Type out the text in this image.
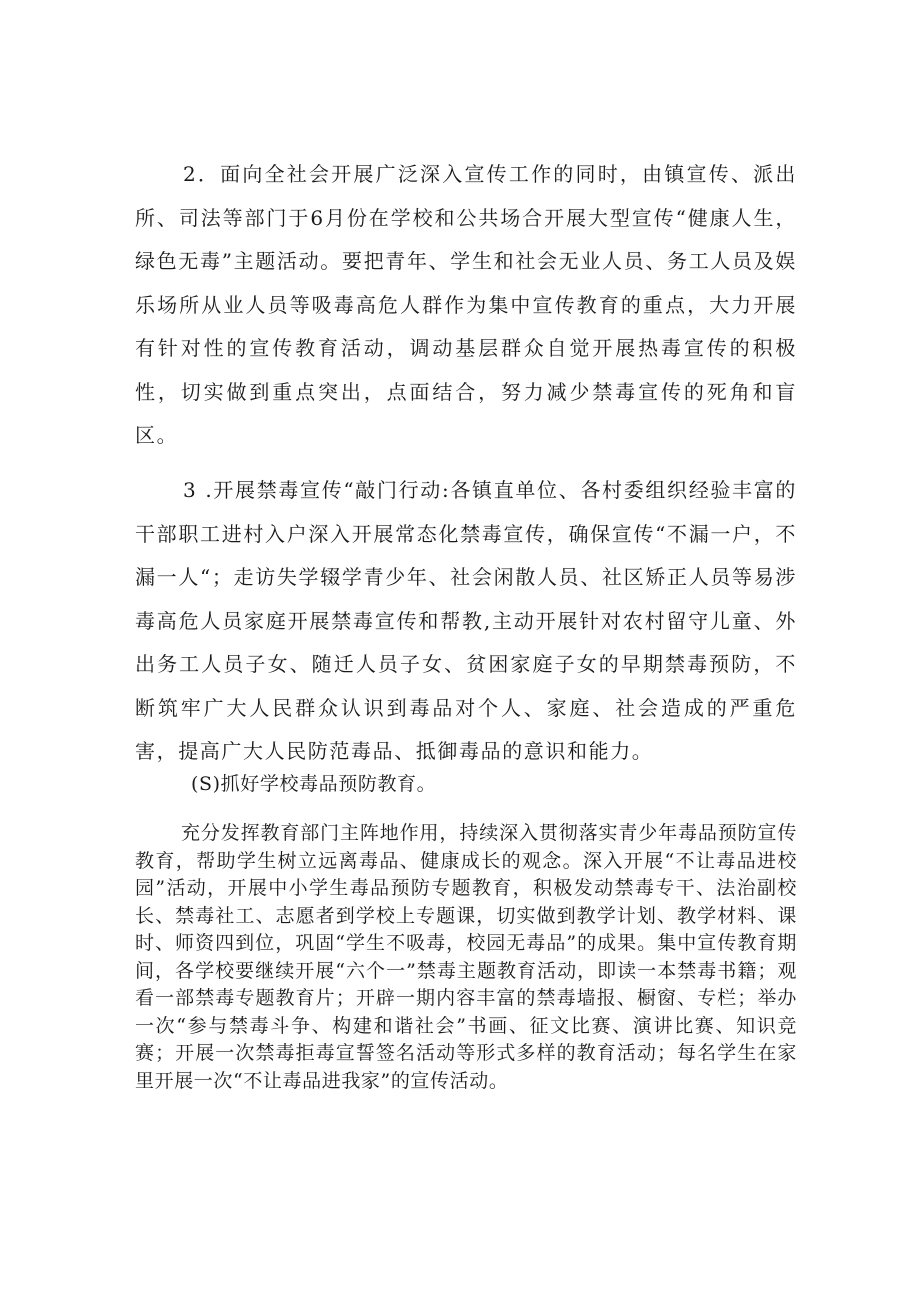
2．面向全社会开展广泛深入宣传工作的同时，由镇宣传、派出所、司法等部门于6月份在学校和公共场合开展大型宣传“健康人生，绿色无毒”主题活动。要把青年、学生和社会无业人员、务工人员及娱乐场所从业人员等吸毒高危人群作为集中宣传教育的重点，大力开展有针对性的宣传教育活动，调动基层群众自觉开展热毒宣传的积极性，切实做到重点突出，点面结合，努力减少禁毒宣传的死角和盲区。

3 .开展禁毒宣传“敲门行动:各镇直单位、各村委组织经验丰富的干部职工进村入户深入开展常态化禁毒宣传，确保宣传“不漏一户，不漏一人“；走访失学辍学青少年、社会闲散人员、社区矫正人员等易涉毒高危人员家庭开展禁毒宣传和帮教,主动开展针对农村留守儿童、外出务工人员子女、随迁人员子女、贫困家庭子女的早期禁毒预防，不断筑牢广大人民群众认识到毒品对个人、家庭、社会造成的严重危害，提高广大人民防范毒品、抵御毒品的意识和能力。

(S)抓好学校毒品预防教育。

充分发挥教育部门主阵地作用，持续深入贯彻落实青少年毒品预防宣传教育，帮助学生树立远离毒品、健康成长的观念。深入开展“不让毒品进校园”活动，开展中小学生毒品预防专题教育，积极发动禁毒专干、法治副校长、禁毒社工、志愿者到学校上专题课，切实做到教学计划、教学材料、课时、师资四到位，巩固“学生不吸毒，校园无毒品”的成果。集中宣传教育期间，各学校要继续开展“六个一”禁毒主题教育活动，即读一本禁毒书籍；观看一部禁毒专题教育片；开辟一期内容丰富的禁毒墙报、橱窗、专栏；举办一次“参与禁毒斗争、构建和谐社会”书画、征文比赛、演讲比赛、知识竞赛；开展一次禁毒拒毒宣誓签名活动等形式多样的教育活动；每名学生在家里开展一次“不让毒品进我家”的宣传活动。
